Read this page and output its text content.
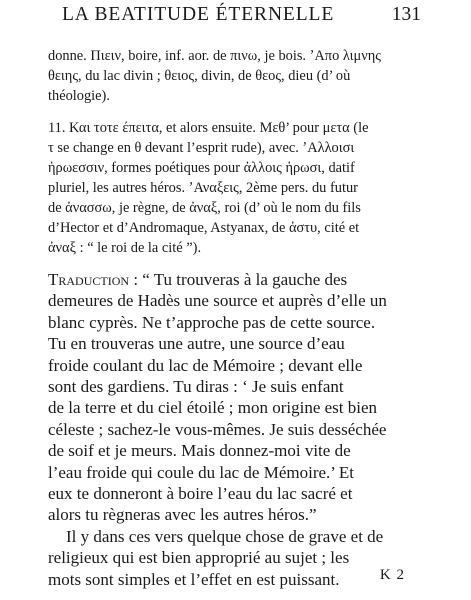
LA BEATITUDE ÉTERNELLE	131
donne. Πιειν, boire, inf. aor. de πινω, je bois. ʼΑπο λιμνης
θειης, du lac divin ; θειος, divin, de θεος, dieu (d’ où
théologie).
11. Και τοτε έπειτα, et alors ensuite. Μεθ’ pour μετα (le
τ se change en θ devant l’esprit rude), avec. ʼΑλλοισι
ἡρωεσσιν, formes poétiques pour ἀλλοις ἡρωσι, datif
pluriel, les autres héros. ʼΑναξεις, 2ème pers. du futur
de ἀνασσω, je règne, de ἀναξ, roi (d’ où le nom du fils
d’Hector et d’Andromaque, Astyanax, de ἀστυ, cité et
ἀναξ : “ le roi de la cité ”).
Traduction : “ Tu trouveras à la gauche des
demeures de Hadès une source et auprès d’elle un
blanc cyprès. Ne t’approche pas de cette source.
Tu en trouveras une autre, une source d’eau
froide coulant du lac de Mémoire ; devant elle
sont des gardiens. Tu diras : ‘ Je suis enfant
de la terre et du ciel étoilé ; mon origine est bien
céleste ; sachez-le vous-mêmes. Je suis desséchée
de soif et je meurs. Mais donnez-moi vite de
l’eau froide qui coule du lac de Mémoire.’ Et
eux te donneront à boire l’eau du lac sacré et
alors tu règneras avec les autres héros.”
Il y dans ces vers quelque chose de grave et de
religieux qui est bien approprié au sujet ; les
mots sont simples et l’effet en est puissant.	K 2
